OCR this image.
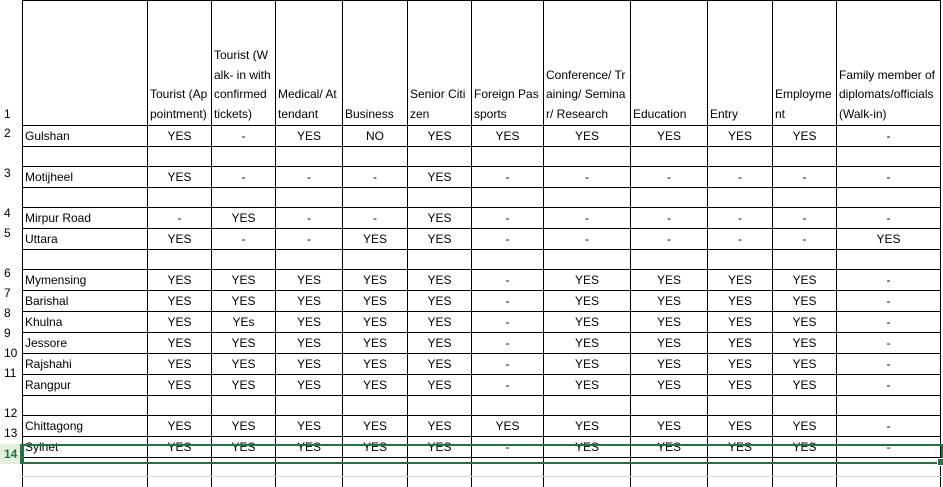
1
2
3
4
5
6
7
8
9
10
11
12
13
14
	Tourist (Appointment)	Tourist (Walk- in with confirmed tickets)	Medical/ Attendant	Business	Senior Citizen	Foreign Passports	Conference/ Training/ Seminar/ Research	Education	Entry	Employment	Family member of diplomats/officials (Walk-in)
Gulshan	YES	-	YES	NO	YES	YES	YES	YES	YES	YES	-

Motijheel	YES	-	-	-	YES	-	-	-	-	-	-

Mirpur Road	-	YES	-	-	YES	-	-	-	-	-	-
Uttara	YES	-	-	YES	YES	-	-	-	-	-	YES

Mymensing	YES	YES	YES	YES	YES	-	YES	YES	YES	YES	-
Barishal	YES	YES	YES	YES	YES	-	YES	YES	YES	YES	-
Khulna	YES	YEs	YES	YES	YES	-	YES	YES	YES	YES	-
Jessore	YES	YES	YES	YES	YES	-	YES	YES	YES	YES	-
Rajshahi	YES	YES	YES	YES	YES	-	YES	YES	YES	YES	-
Rangpur	YES	YES	YES	YES	YES	-	YES	YES	YES	YES	-

Chittagong	YES	YES	YES	YES	YES	YES	YES	YES	YES	YES	-
Sylhet	YES	YES	YES	YES	YES	-	YES	YES	YES	YES	-
